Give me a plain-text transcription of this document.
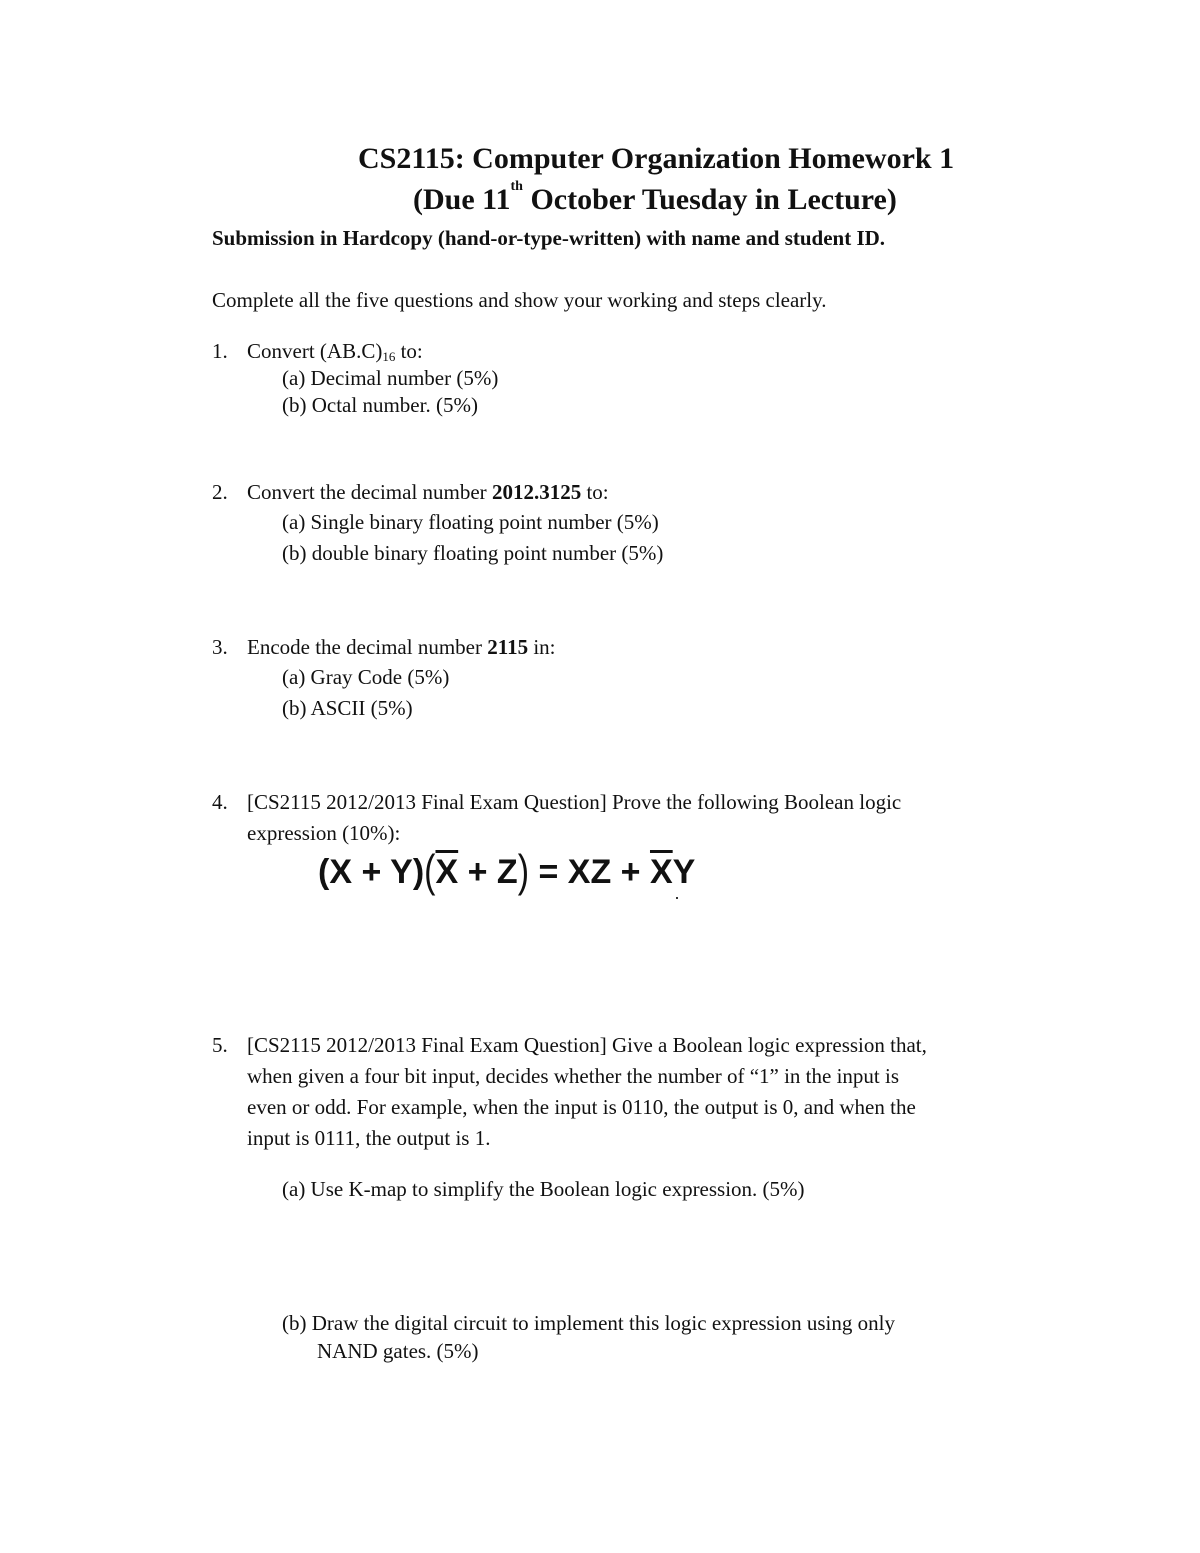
CS2115: Computer Organization Homework 1
(Due 11th October Tuesday in Lecture)
Submission in Hardcopy (hand-or-type-written) with name and student ID.
Complete all the five questions and show your working and steps clearly.
1. Convert $(AB.C)_{16}$ to:
(a) Decimal number (5%)
(b) Octal number. (5%)
2. Convert the decimal number 2012.3125 to:
(a) Single binary floating point number (5%)
(b) double binary floating point number (5%)
3. Encode the decimal number 2115 in:
(a) Gray Code (5%)
(b) ASCII (5%)
4. [CS2115 2012/2013 Final Exam Question] Prove the following Boolean logic
expression (10%):
$(X + Y)(\overline{X} + Z)$ = XZ + $\overline{X}Y$
5. [CS2115 2012/2013 Final Exam Question] Give a Boolean logic expression that,
when given a four bit input, decides whether the number of “1” in the input is
even or odd. For example, when the input is 0110, the output is 0, and when the
input is 0111, the output is 1.
(a) Use K-map to simplify the Boolean logic expression. (5%)
(b) Draw the digital circuit to implement this logic expression using only
NAND gates. (5%)
